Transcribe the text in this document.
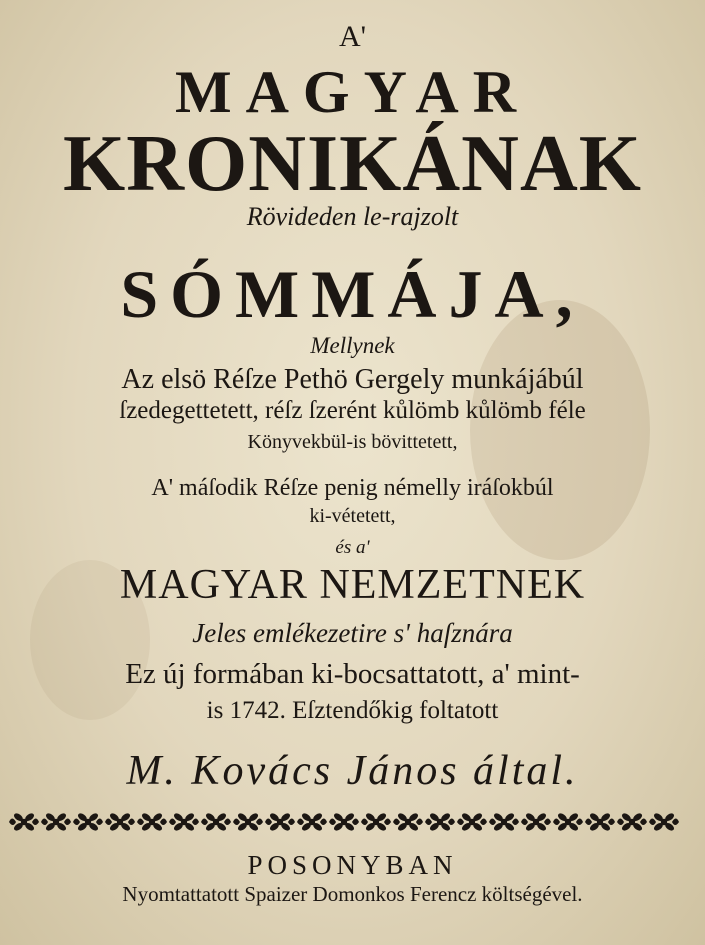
A'
MAGYAR
KRONIKÁNAK
Rövideden le-rajzolt
SÓMMÁJA,
Mellynek
Az elsö Réſze Pethö Gergely munkájábúl
ſzedegettetett, réſz ſzerént kůlömb kůlömb féle
Könyvekbül-is bövittetett,
A' máſodik Réſze penig némelly iráſokbúl
ki-vétetett,
és a'
MAGYAR NEMZETNEK
Jeles emlékezetire s' haſznára
Ez új formában ki-bocsattatott, a' mint-
is 1742. Eſztendőkig foltatott
M. Kovács János által.
POSONYBAN
Nyomtattatott Spaizer Domonkos Ferencz költségével.
